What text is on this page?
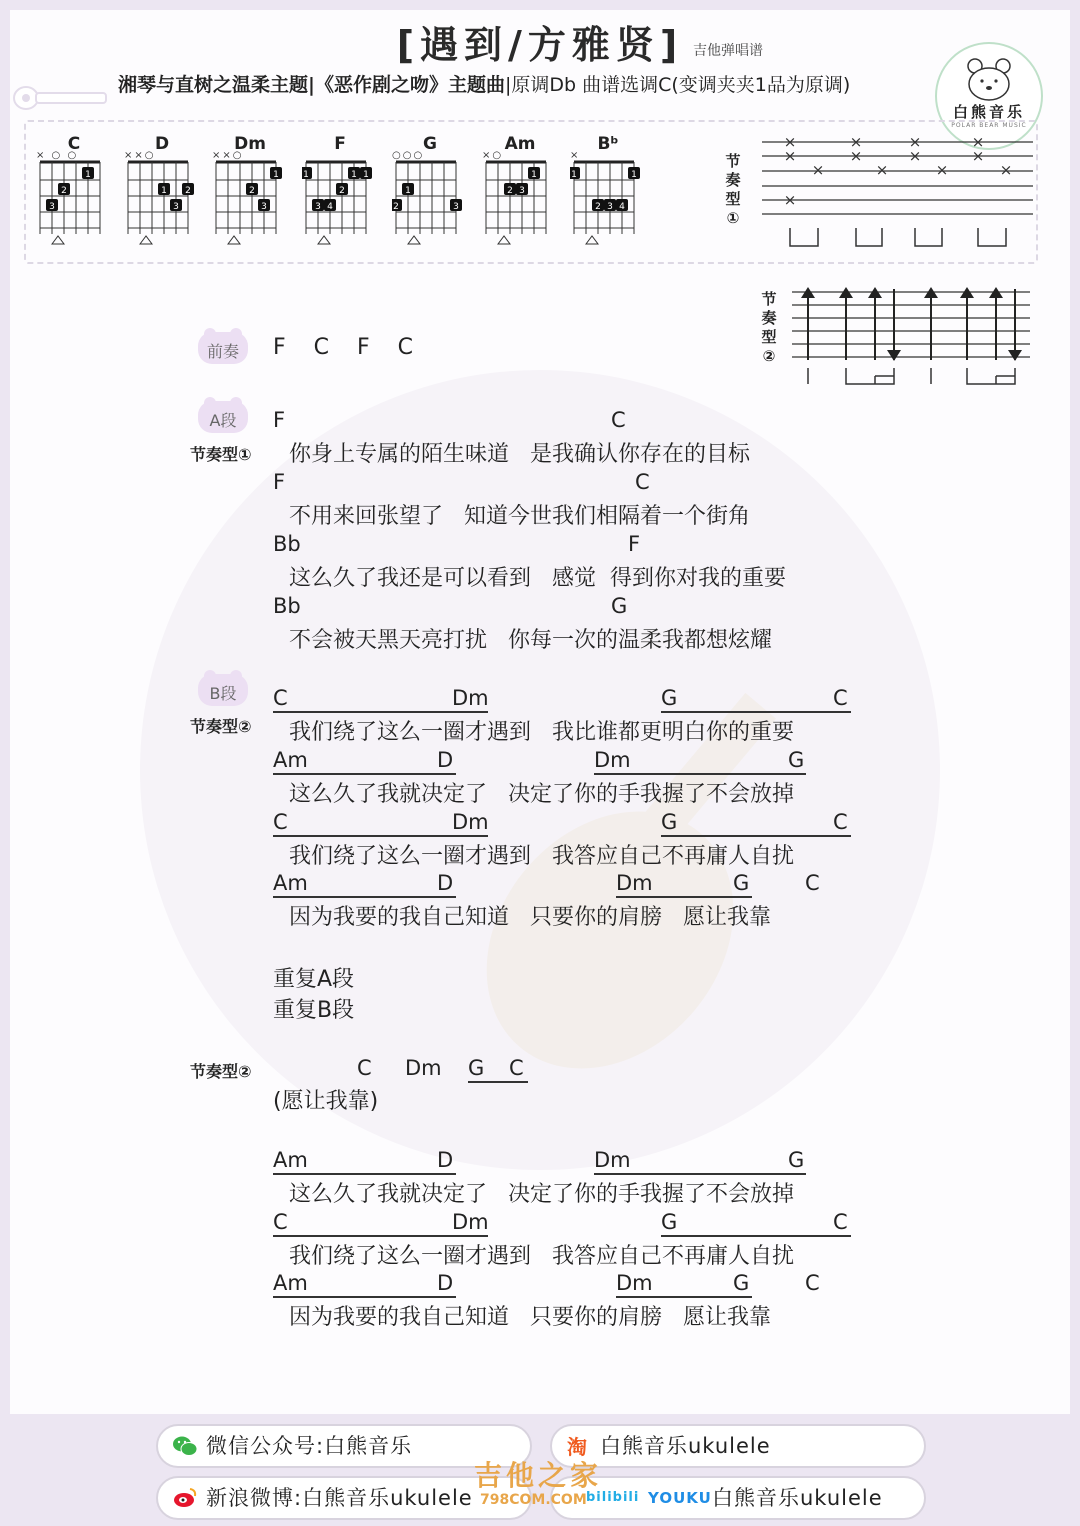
[遇到/方雅贤] 吉他弹唱谱
湘琴与直树之温柔主题|《恶作剧之吻》主题曲|原调Db 曲谱选调C(变调夹夹1品为原调)
白熊音乐
POLAR BEAR MUSIC
C
1
2
3
× ○ ○
D
1 2
3
××○
Dm
1
2
3
××○
F
1	1
1
2
3 4
G
1
2	3
○○○
Am
1
2 3
×○
Bᵇ
1	1
2 3 4
×	节
奏
型
①
×
×
×
×
×
×
×
×
×
×
×
×
×
节
奏
型
②
前奏	F    C    F    C
A段
节奏型①
F	C
你身上专属的陌生味道   是我确认你存在的目标
F	C
不用来回张望了   知道今世我们相隔着一个街角
Bb	F
这么久了我还是可以看到   感觉  得到你对我的重要
Bb	G
不会被天黑天亮打扰   你每一次的温柔我都想炫耀
B段
节奏型②
C	Dm	G	C
我们绕了这么一圈才遇到   我比谁都更明白你的重要
Am	D	Dm	G
这么久了我就决定了   决定了你的手我握了不会放掉
C	Dm	G	C
我们绕了这么一圈才遇到   我答应自己不再庸人自扰
Am	D	Dm	G	C
因为我要的我自己知道   只要你的肩膀   愿让我靠
重复A段
重复B段
节奏型②	C Dm G C
(愿让我靠)
Am	D	Dm	G
这么久了我就决定了   决定了你的手我握了不会放掉
C	Dm	G	C
我们绕了这么一圈才遇到   我答应自己不再庸人自扰
Am	D	Dm	G	C
因为我要的我自己知道   只要你的肩膀   愿让我靠
微信公众号:白熊音乐	淘 白熊音乐ukulele
新浪微博:白熊音乐ukulele	bilibili YOUKU 白熊音乐ukulele
吉他之家
798COM.COM
